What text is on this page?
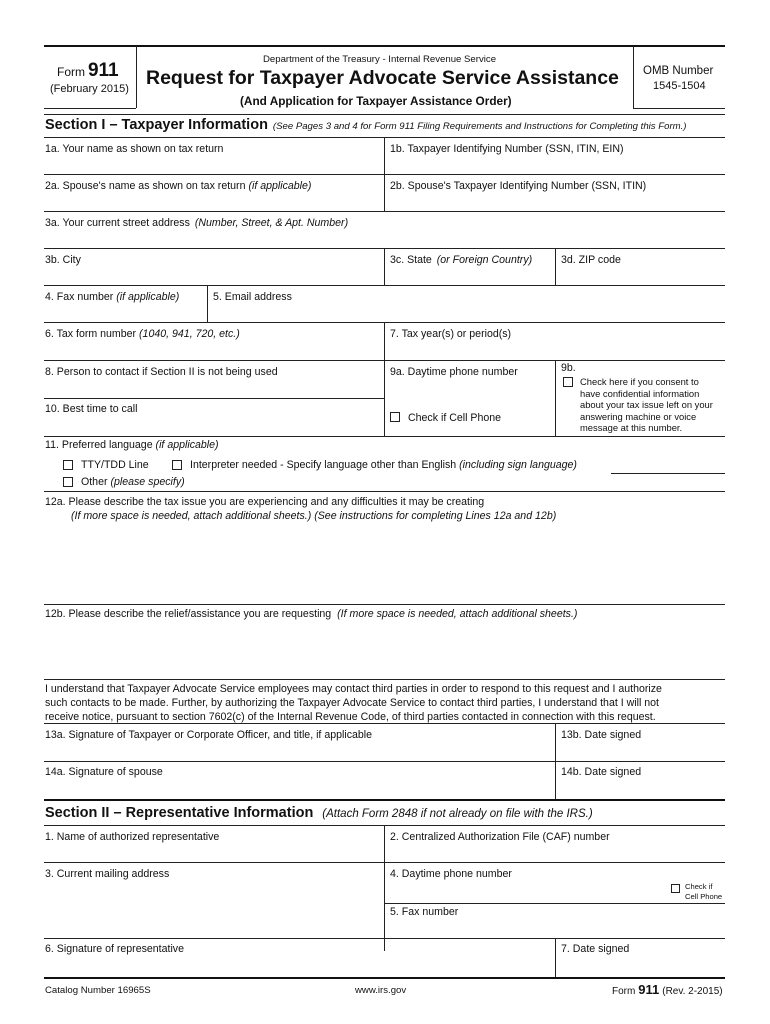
Form 911
(February 2015)
Department of the Treasury - Internal Revenue Service
Request for Taxpayer Advocate Service Assistance
(And Application for Taxpayer Assistance Order)
OMB Number
1545-1504
Section I – Taxpayer Information (See Pages 3 and 4 for Form 911 Filing Requirements and Instructions for Completing this Form.)
1a. Your name as shown on tax return	1b. Taxpayer Identifying Number (SSN, ITIN, EIN)
2a. Spouse's name as shown on tax return (if applicable)	2b. Spouse's Taxpayer Identifying Number (SSN, ITIN)
3a. Your current street address (Number, Street, & Apt. Number)
3b. City	3c. State (or Foreign Country)	3d. ZIP code
4. Fax number (if applicable)	5. Email address
6. Tax form number (1040, 941, 720, etc.)	7. Tax year(s) or period(s)
8. Person to contact if Section II is not being used	9a. Daytime phone number	9b.
Check here if you consent to
have confidential information
about your tax issue left on your
answering machine or voice
message at this number.
10. Best time to call
Check if Cell Phone
11. Preferred language (if applicable)
TTY/TDD Line	Interpreter needed - Specify language other than English (including sign language)
Other (please specify)
12a. Please describe the tax issue you are experiencing and any difficulties it may be creating
(If more space is needed, attach additional sheets.) (See instructions for completing Lines 12a and 12b)
12b. Please describe the relief/assistance you are requesting (If more space is needed, attach additional sheets.)
I understand that Taxpayer Advocate Service employees may contact third parties in order to respond to this request and I authorize
such contacts to be made. Further, by authorizing the Taxpayer Advocate Service to contact third parties, I understand that I will not
receive notice, pursuant to section 7602(c) of the Internal Revenue Code, of third parties contacted in connection with this request.
13a. Signature of Taxpayer or Corporate Officer, and title, if applicable	13b. Date signed
14a. Signature of spouse	14b. Date signed
Section II – Representative Information (Attach Form 2848 if not already on file with the IRS.)
1. Name of authorized representative	2. Centralized Authorization File (CAF) number
3. Current mailing address	4. Daytime phone number
Check if
Cell Phone
5. Fax number
6. Signature of representative	7. Date signed
Catalog Number 16965S	www.irs.gov	Form 911 (Rev. 2-2015)
